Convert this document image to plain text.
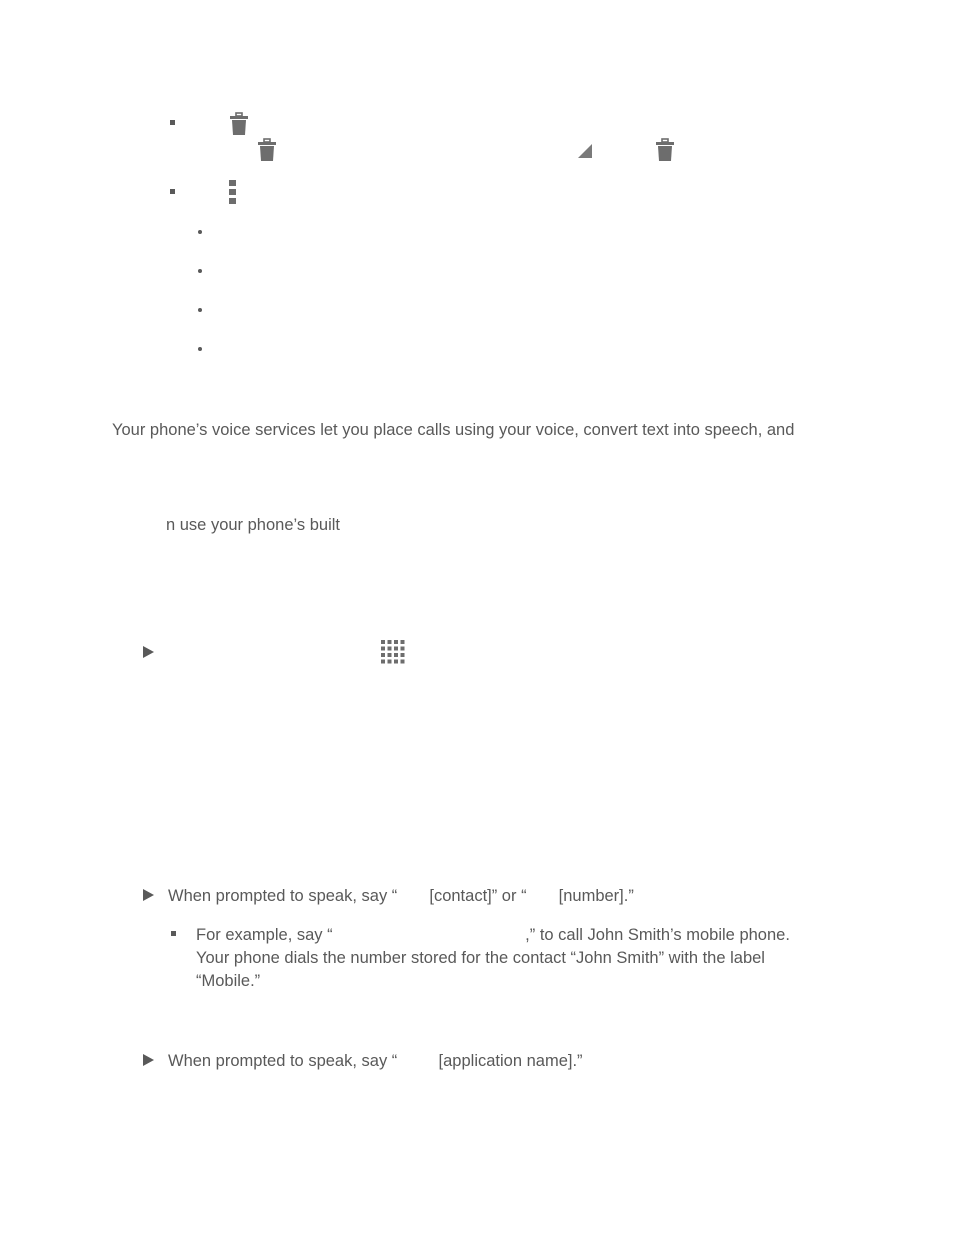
Your phone’s voice services let you place calls using your voice, convert text into speech, and
n use your phone’s built
When prompted to speak, say “       [contact]” or “       [number].”
For example, say “                                          ,” to call John Smith’s mobile phone.
Your phone dials the number stored for the contact “John Smith” with the label
“Mobile.”
When prompted to speak, say “         [application name].”
